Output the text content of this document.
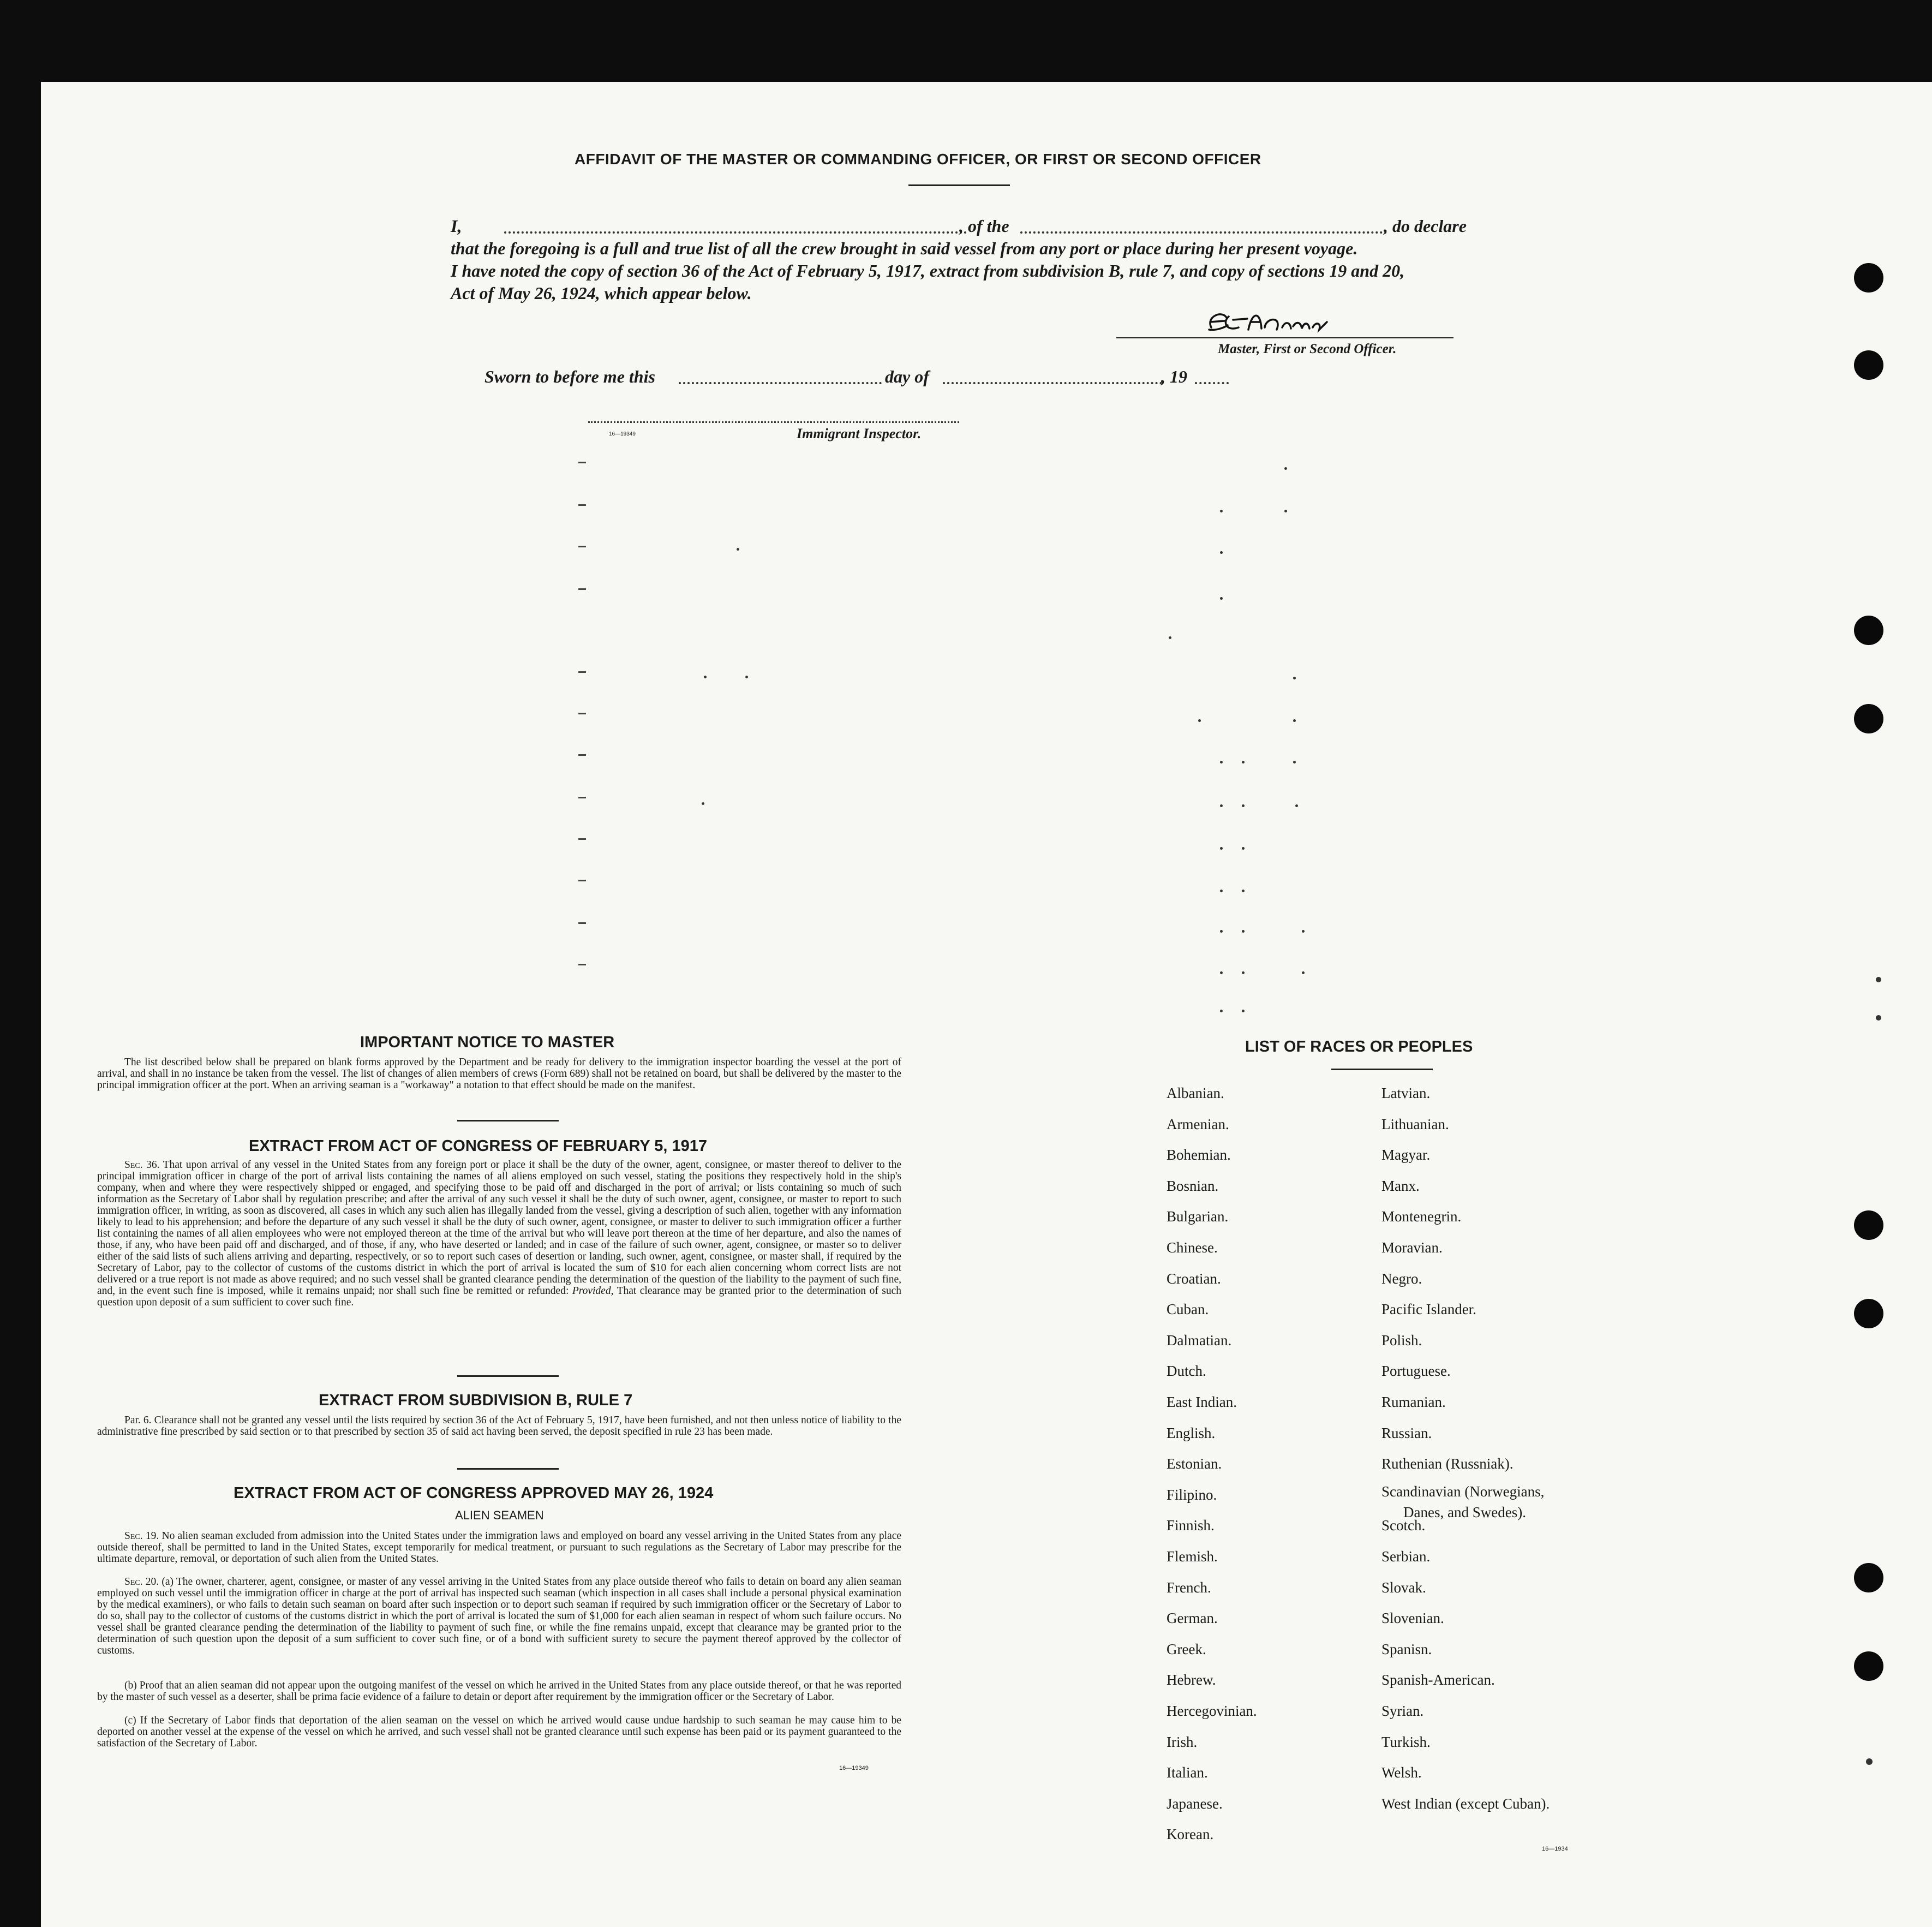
AFFIDAVIT OF THE MASTER OR COMMANDING OFFICER, OR FIRST OR SECOND OFFICER
I,	, of the	, do declare
that the foregoing is a full and true list of all the crew brought in said vessel from any port or place during her present voyage.
I have noted the copy of section 36 of the Act of February 5, 1917, extract from subdivision B, rule 7, and copy of sections 19 and 20,
Act of May 26, 1924, which appear below.
E.E. Adams
Master, First or Second Officer.
Sworn to before me this	day of	, 19
16—19349	Immigrant Inspector.
IMPORTANT NOTICE TO MASTER
The list described below shall be prepared on blank forms approved by the Department and be ready for delivery to the immigration inspector boarding the vessel at the port of arrival, and shall in no instance be taken from the vessel. The list of changes of alien members of crews (Form 689) shall not be retained on board, but shall be delivered by the master to the principal immigration officer at the port. When an arriving seaman is a "workaway" a notation to that effect should be made on the manifest.
EXTRACT FROM ACT OF CONGRESS OF FEBRUARY 5, 1917
Sec. 36. That upon arrival of any vessel in the United States from any foreign port or place it shall be the duty of the owner, agent, consignee, or master thereof to deliver to the principal immigration officer in charge of the port of arrival lists containing the names of all aliens employed on such vessel, stating the positions they respectively hold in the ship's company, when and where they were respectively shipped or engaged, and specifying those to be paid off and discharged in the port of arrival; or lists containing so much of such information as the Secretary of Labor shall by regulation prescribe; and after the arrival of any such vessel it shall be the duty of such owner, agent, consignee, or master to report to such immigration officer, in writing, as soon as discovered, all cases in which any such alien has illegally landed from the vessel, giving a description of such alien, together with any information likely to lead to his apprehension; and before the departure of any such vessel it shall be the duty of such owner, agent, consignee, or master to deliver to such immigration officer a further list containing the names of all alien employees who were not employed thereon at the time of the arrival but who will leave port thereon at the time of her departure, and also the names of those, if any, who have been paid off and discharged, and of those, if any, who have deserted or landed; and in case of the failure of such owner, agent, consignee, or master so to deliver either of the said lists of such aliens arriving and departing, respectively, or so to report such cases of desertion or landing, such owner, agent, consignee, or master shall, if required by the Secretary of Labor, pay to the collector of customs of the customs district in which the port of arrival is located the sum of $10 for each alien concerning whom correct lists are not delivered or a true report is not made as above required; and no such vessel shall be granted clearance pending the determination of the question of the liability to the payment of such fine, and, in the event such fine is imposed, while it remains unpaid; nor shall such fine be remitted or refunded: Provided, That clearance may be granted prior to the determination of such question upon deposit of a sum sufficient to cover such fine.
EXTRACT FROM SUBDIVISION B, RULE 7
Par. 6. Clearance shall not be granted any vessel until the lists required by section 36 of the Act of February 5, 1917, have been furnished, and not then unless notice of liability to the administrative fine prescribed by said section or to that prescribed by section 35 of said act having been served, the deposit specified in rule 23 has been made.
EXTRACT FROM ACT OF CONGRESS APPROVED MAY 26, 1924
ALIEN SEAMEN
Sec. 19. No alien seaman excluded from admission into the United States under the immigration laws and employed on board any vessel arriving in the United States from any place outside thereof, shall be permitted to land in the United States, except temporarily for medical treatment, or pursuant to such regulations as the Secretary of Labor may prescribe for the ultimate departure, removal, or deportation of such alien from the United States.
Sec. 20. (a) The owner, charterer, agent, consignee, or master of any vessel arriving in the United States from any place outside thereof who fails to detain on board any alien seaman employed on such vessel until the immigration officer in charge at the port of arrival has inspected such seaman (which inspection in all cases shall include a personal physical examination by the medical examiners), or who fails to detain such seaman on board after such inspection or to deport such seaman if required by such immigration officer or the Secretary of Labor to do so, shall pay to the collector of customs of the customs district in which the port of arrival is located the sum of $1,000 for each alien seaman in respect of whom such failure occurs. No vessel shall be granted clearance pending the determination of the liability to payment of such fine, or while the fine remains unpaid, except that clearance may be granted prior to the determination of such question upon the deposit of a sum sufficient to cover such fine, or of a bond with sufficient surety to secure the payment thereof approved by the collector of customs.
(b) Proof that an alien seaman did not appear upon the outgoing manifest of the vessel on which he arrived in the United States from any place outside thereof, or that he was reported by the master of such vessel as a deserter, shall be prima facie evidence of a failure to detain or deport after requirement by the immigration officer or the Secretary of Labor.
(c) If the Secretary of Labor finds that deportation of the alien seaman on the vessel on which he arrived would cause undue hardship to such seaman he may cause him to be deported on another vessel at the expense of the vessel on which he arrived, and such vessel shall not be granted clearance until such expense has been paid or its payment guaranteed to the satisfaction of the Secretary of Labor.
16—19349
LIST OF RACES OR PEOPLES
Albanian.
Armenian.
Bohemian.
Bosnian.
Bulgarian.
Chinese.
Croatian.
Cuban.
Dalmatian.
Dutch.
East Indian.
English.
Estonian.
Filipino.
Finnish.
Flemish.
French.
German.
Greek.
Hebrew.
Hercegovinian.
Irish.
Italian.
Japanese.
Korean.
Latvian.
Lithuanian.
Magyar.
Manx.
Montenegrin.
Moravian.
Negro.
Pacific Islander.
Polish.
Portuguese.
Rumanian.
Russian.
Ruthenian (Russniak).
Scandinavian (Norwegians,
Danes, and Swedes).
Scotch.
Serbian.
Slovak.
Slovenian.
Spanisn.
Spanish-American.
Syrian.
Turkish.
Welsh.
West Indian (except Cuban).
16—1934
